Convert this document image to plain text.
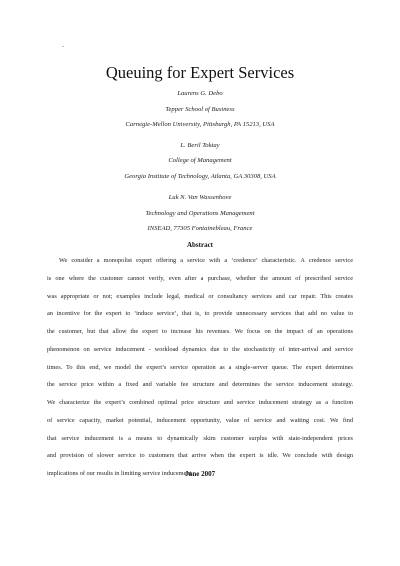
-
Queuing for Expert Services
Laurens G. Debo
Tepper School of Business
Carnegie-Mellon University, Pittsburgh, PA 15213, USA
L. Beril Toktay
College of Management
Georgia Institute of Technology, Atlanta, GA 30308, USA
Luk N. Van Wassenhove
Technology and Operations Management
INSEAD, 77305 Fontainebleau, France
Abstract
We consider a monopolist expert offering a service with a ‘credence’ characteristic. A credence service
is one where the customer cannot verify, even after a purchase, whether the amount of prescribed service
was appropriate or not; examples include legal, medical or consultancy services and car repair. This creates
an incentive for the expert to ‘induce service’, that is, to provide unnecessary services that add no value to
the customer, but that allow the expert to increase his revenues. We focus on the impact of an operations
phenomenon on service inducement - workload dynamics due to the stochasticity of inter-arrival and service
times. To this end, we model the expert’s service operation as a single-server queue. The expert determines
the service price within a fixed and variable fee structure and determines the service inducement strategy.
We characterize the expert’s combined optimal price structure and service inducement strategy as a function
of service capacity, market potential, inducement opportunity, value of service and waiting cost. We find
that service inducement is a means to dynamically skim customer surplus with state-independent prices
and provision of slower service to customers that arrive when the expert is idle. We conclude with design
implications of our results in limiting service inducement.
June 2007
